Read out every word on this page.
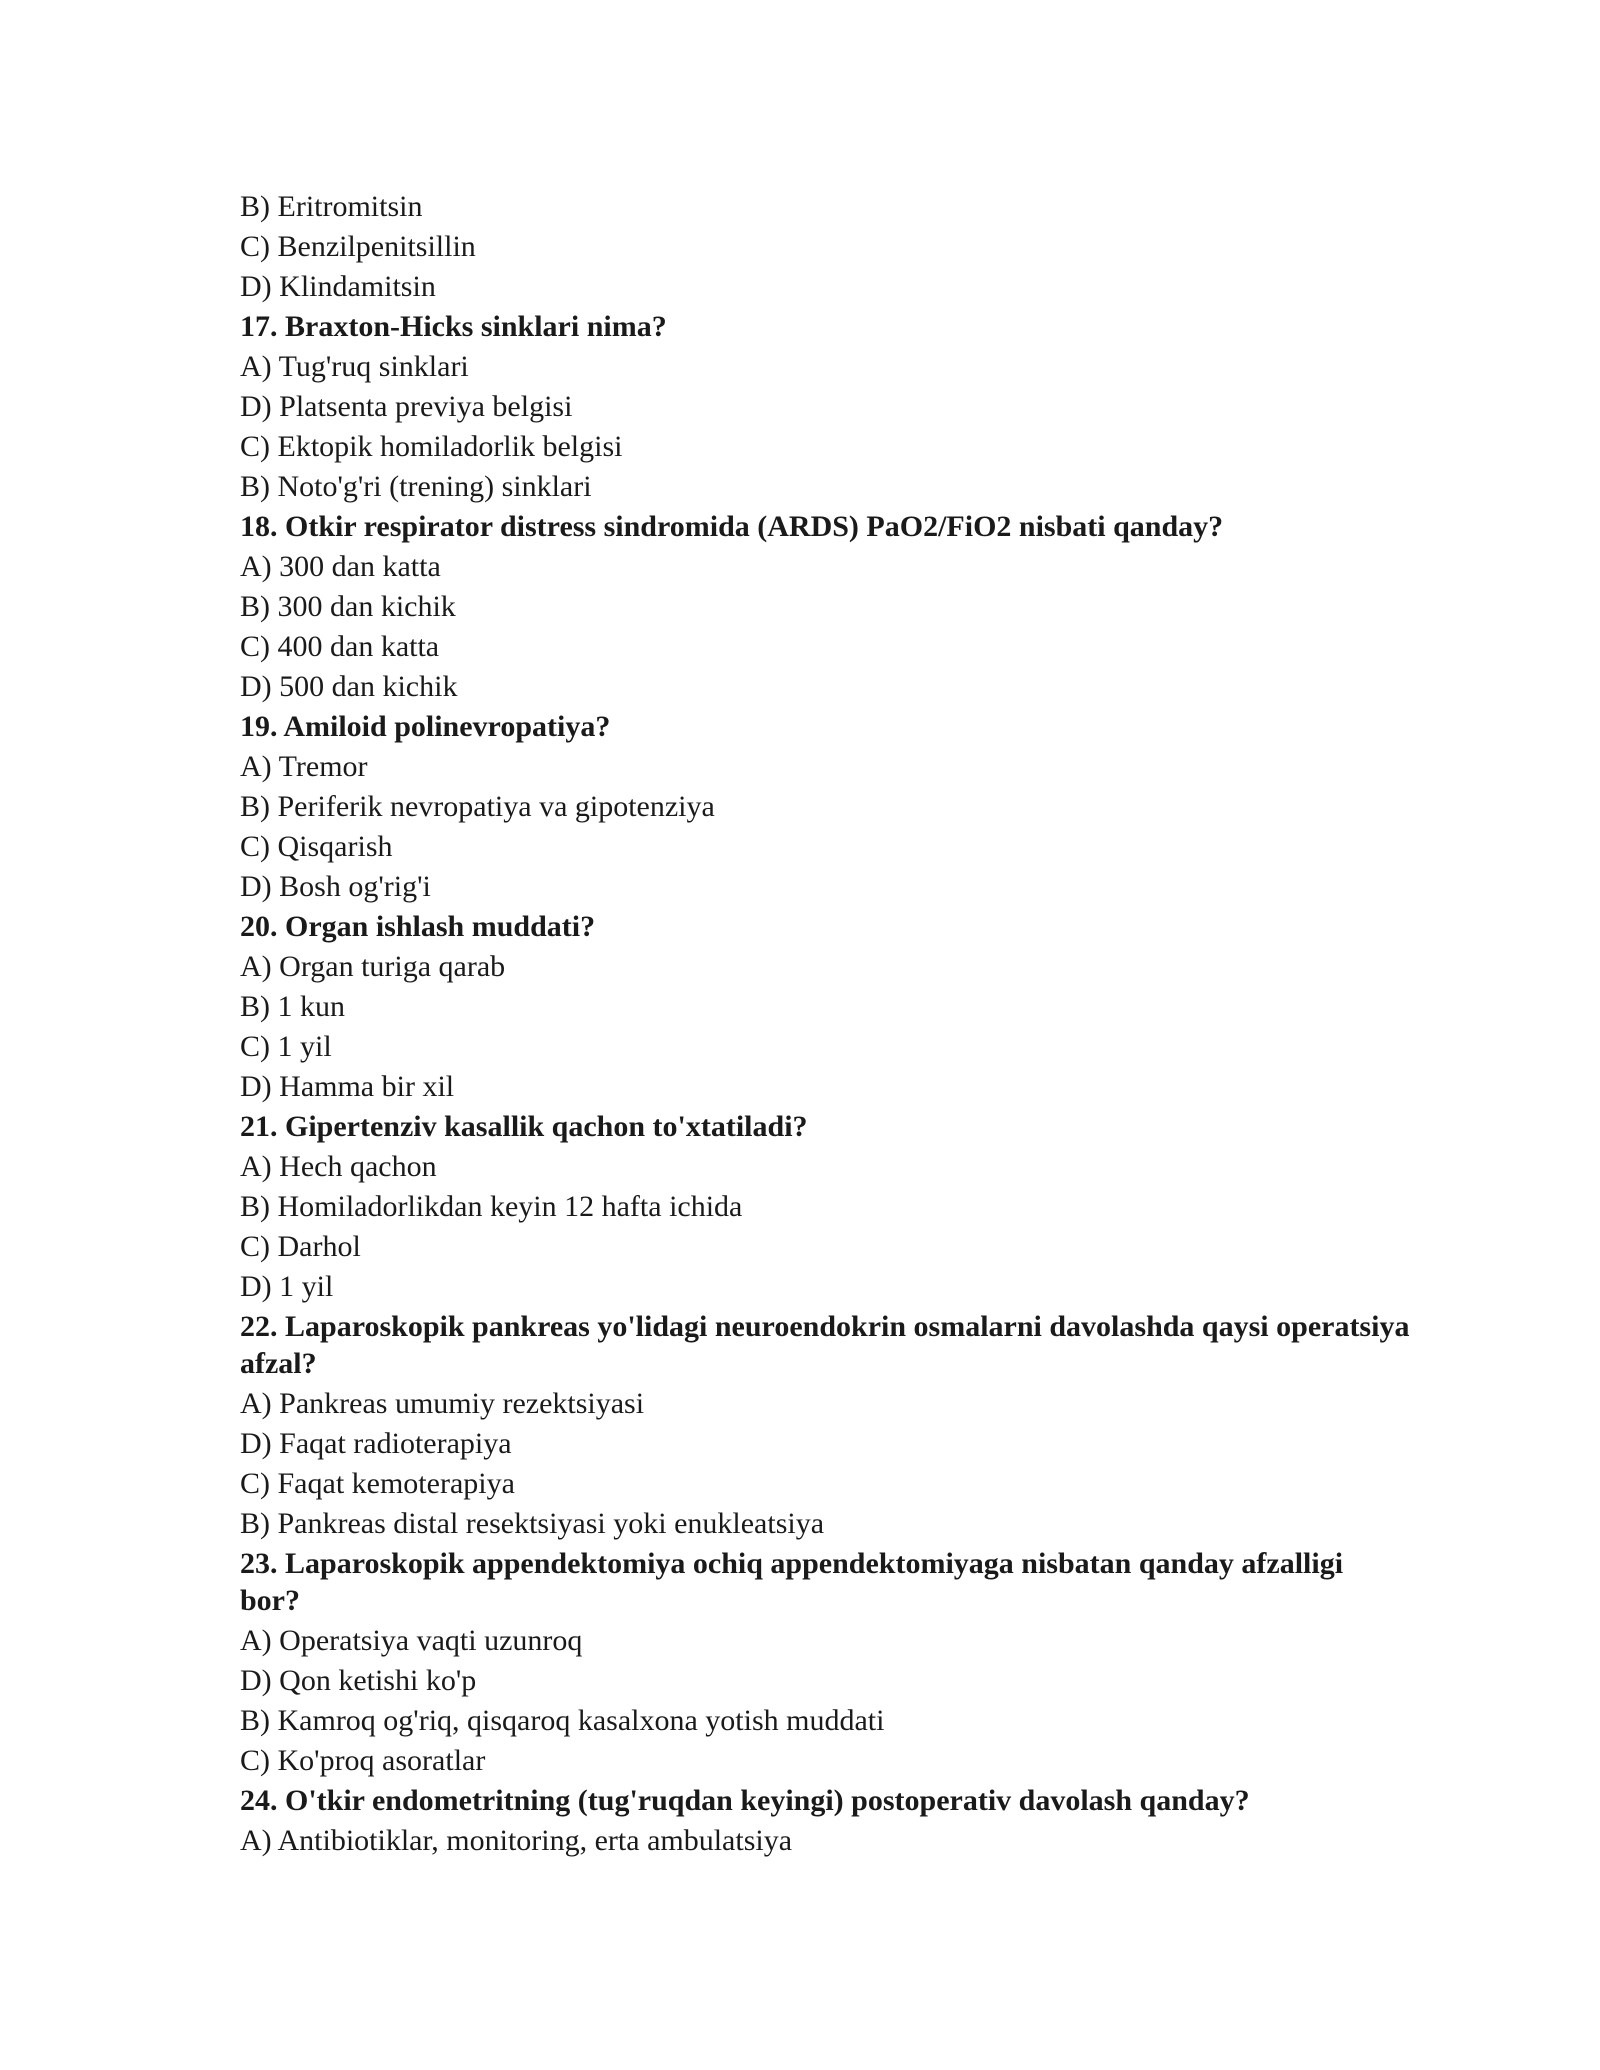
B) Eritromitsin

C) Benzilpenitsillin

D) Klindamitsin

17. Braxton-Hicks sinklari nima?

A) Tug'ruq sinklari

D) Platsenta previya belgisi

C) Ektopik homiladorlik belgisi

B) Noto'g'ri (trening) sinklari

18. Otkir respirator distress sindromida (ARDS) PaO2/FiO2 nisbati qanday?

A) 300 dan katta

B) 300 dan kichik

C) 400 dan katta

D) 500 dan kichik

19. Amiloid polinevropatiya?

A) Tremor

B) Periferik nevropatiya va gipotenziya

C) Qisqarish

D) Bosh og'rig'i

20. Organ ishlash muddati?

A) Organ turiga qarab

B) 1 kun

C) 1 yil

D) Hamma bir xil

21. Gipertenziv kasallik qachon to'xtatiladi?

A) Hech qachon

B) Homiladorlikdan keyin 12 hafta ichida

C) Darhol

D) 1 yil

22. Laparoskopik pankreas yo'lidagi neuroendokrin osmalarni davolashda qaysi operatsiya afzal?

A) Pankreas umumiy rezektsiyasi

D) Faqat radioterapiya

C) Faqat kemoterapiya

B) Pankreas distal resektsiyasi yoki enukleatsiya

23. Laparoskopik appendektomiya ochiq appendektomiyaga nisbatan qanday afzalligi bor?

A) Operatsiya vaqti uzunroq

D) Qon ketishi ko'p

B) Kamroq og'riq, qisqaroq kasalxona yotish muddati

C) Ko'proq asoratlar

24. O'tkir endometritning (tug'ruqdan keyingi) postoperativ davolash qanday?

A) Antibiotiklar, monitoring, erta ambulatsiya
